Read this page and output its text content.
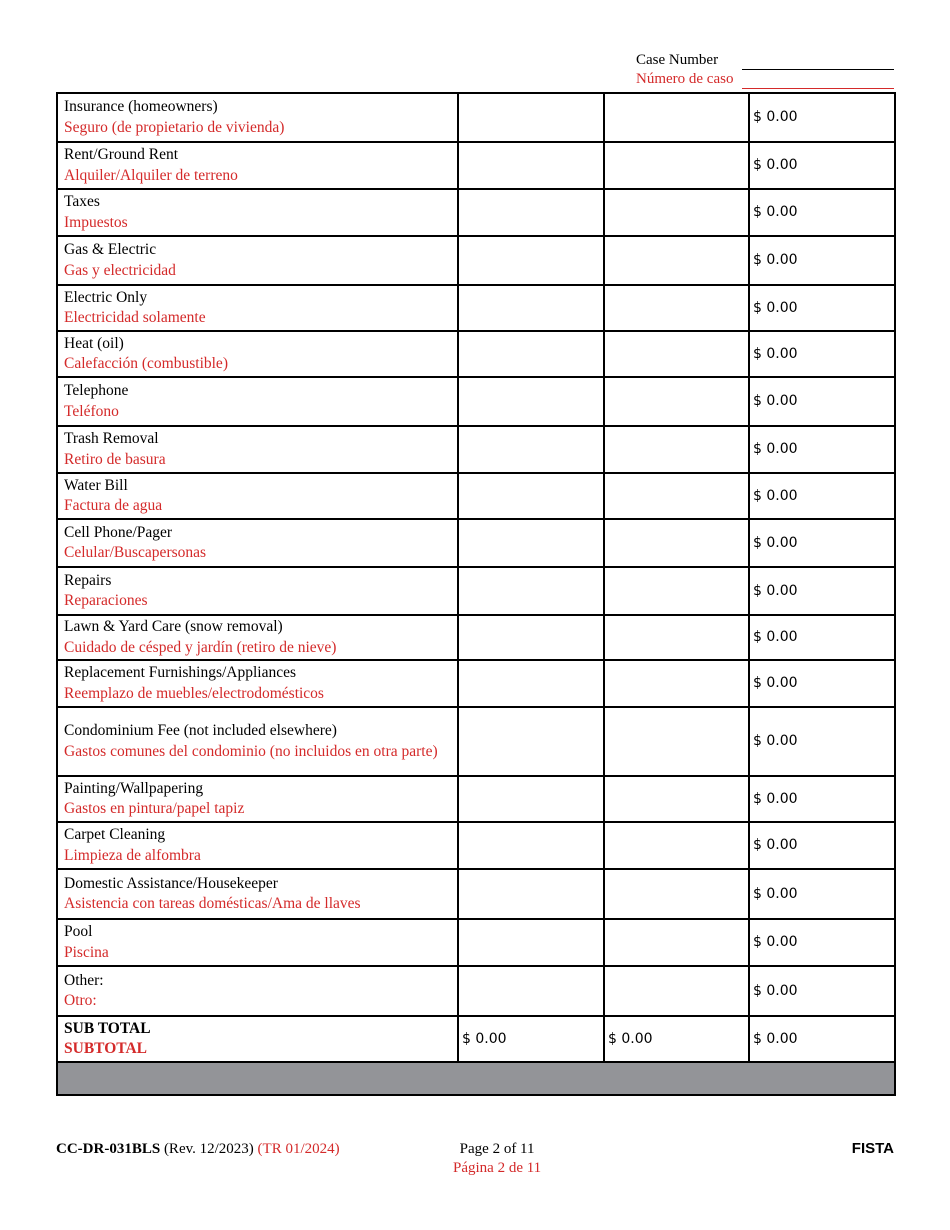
Case Number
Número de caso
Insurance (homeowners)
Seguro (de propietario de vivienda)			$ 0.00

Rent/Ground Rent
Alquiler/Alquiler de terreno			$ 0.00

Taxes
Impuestos			$ 0.00

Gas & Electric
Gas y electricidad			$ 0.00

Electric Only
Electricidad solamente			$ 0.00

Heat (oil)
Calefacción (combustible)			$ 0.00

Telephone
Teléfono			$ 0.00

Trash Removal
Retiro de basura			$ 0.00

Water Bill
Factura de agua			$ 0.00

Cell Phone/Pager
Celular/Buscapersonas			$ 0.00

Repairs
Reparaciones			$ 0.00

Lawn & Yard Care (snow removal)
Cuidado de césped y jardín (retiro de nieve)			$ 0.00

Replacement Furnishings/Appliances
Reemplazo de muebles/electrodomésticos			$ 0.00

Condominium Fee (not included elsewhere)
Gastos comunes del condominio (no incluidos en otra parte)			$ 0.00

Painting/Wallpapering
Gastos en pintura/papel tapiz			$ 0.00

Carpet Cleaning
Limpieza de alfombra			$ 0.00

Domestic Assistance/Housekeeper
Asistencia con tareas domésticas/Ama de llaves			$ 0.00

Pool
Piscina			$ 0.00

Other:
Otro:			$ 0.00

SUB TOTAL
SUBTOTAL	$ 0.00	$ 0.00	$ 0.00

CC-DR-031BLS (Rev. 12/2023) (TR 01/2024)	Page 2 of 11
Página 2 de 11
FISTA
